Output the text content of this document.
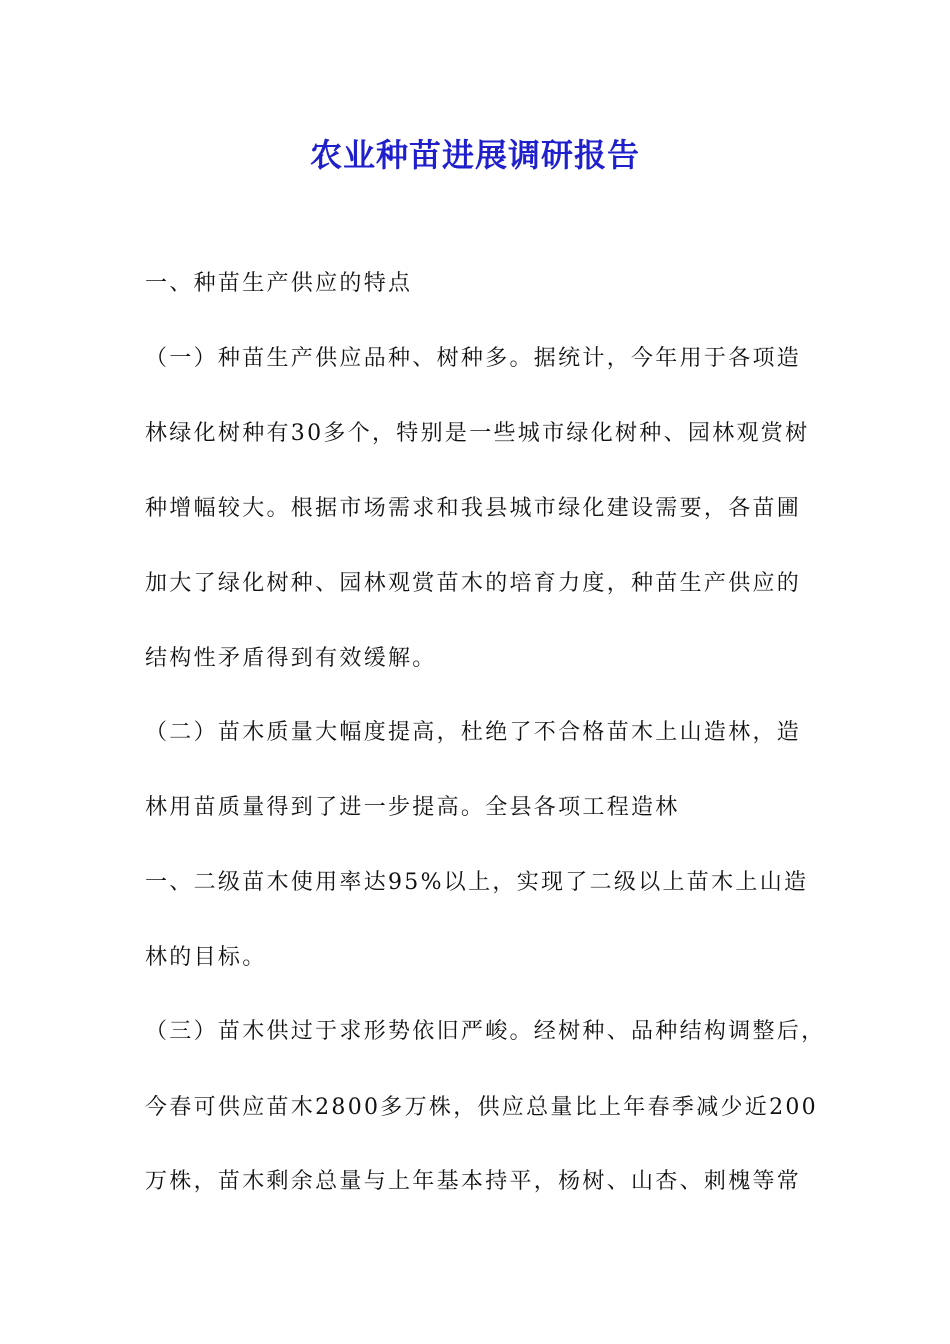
农业种苗进展调研报告
一、种苗生产供应的特点
（一）种苗生产供应品种、树种多。据统计，今年用于各项造
林绿化树种有30多个，特别是一些城市绿化树种、园林观赏树
种增幅较大。根据市场需求和我县城市绿化建设需要，各苗圃
加大了绿化树种、园林观赏苗木的培育力度，种苗生产供应的
结构性矛盾得到有效缓解。
（二）苗木质量大幅度提高，杜绝了不合格苗木上山造林，造
林用苗质量得到了进一步提高。全县各项工程造林
一、二级苗木使用率达95%以上，实现了二级以上苗木上山造
林的目标。
（三）苗木供过于求形势依旧严峻。经树种、品种结构调整后，
今春可供应苗木2800多万株，供应总量比上年春季减少近200
万株，苗木剩余总量与上年基本持平，杨树、山杏、刺槐等常
